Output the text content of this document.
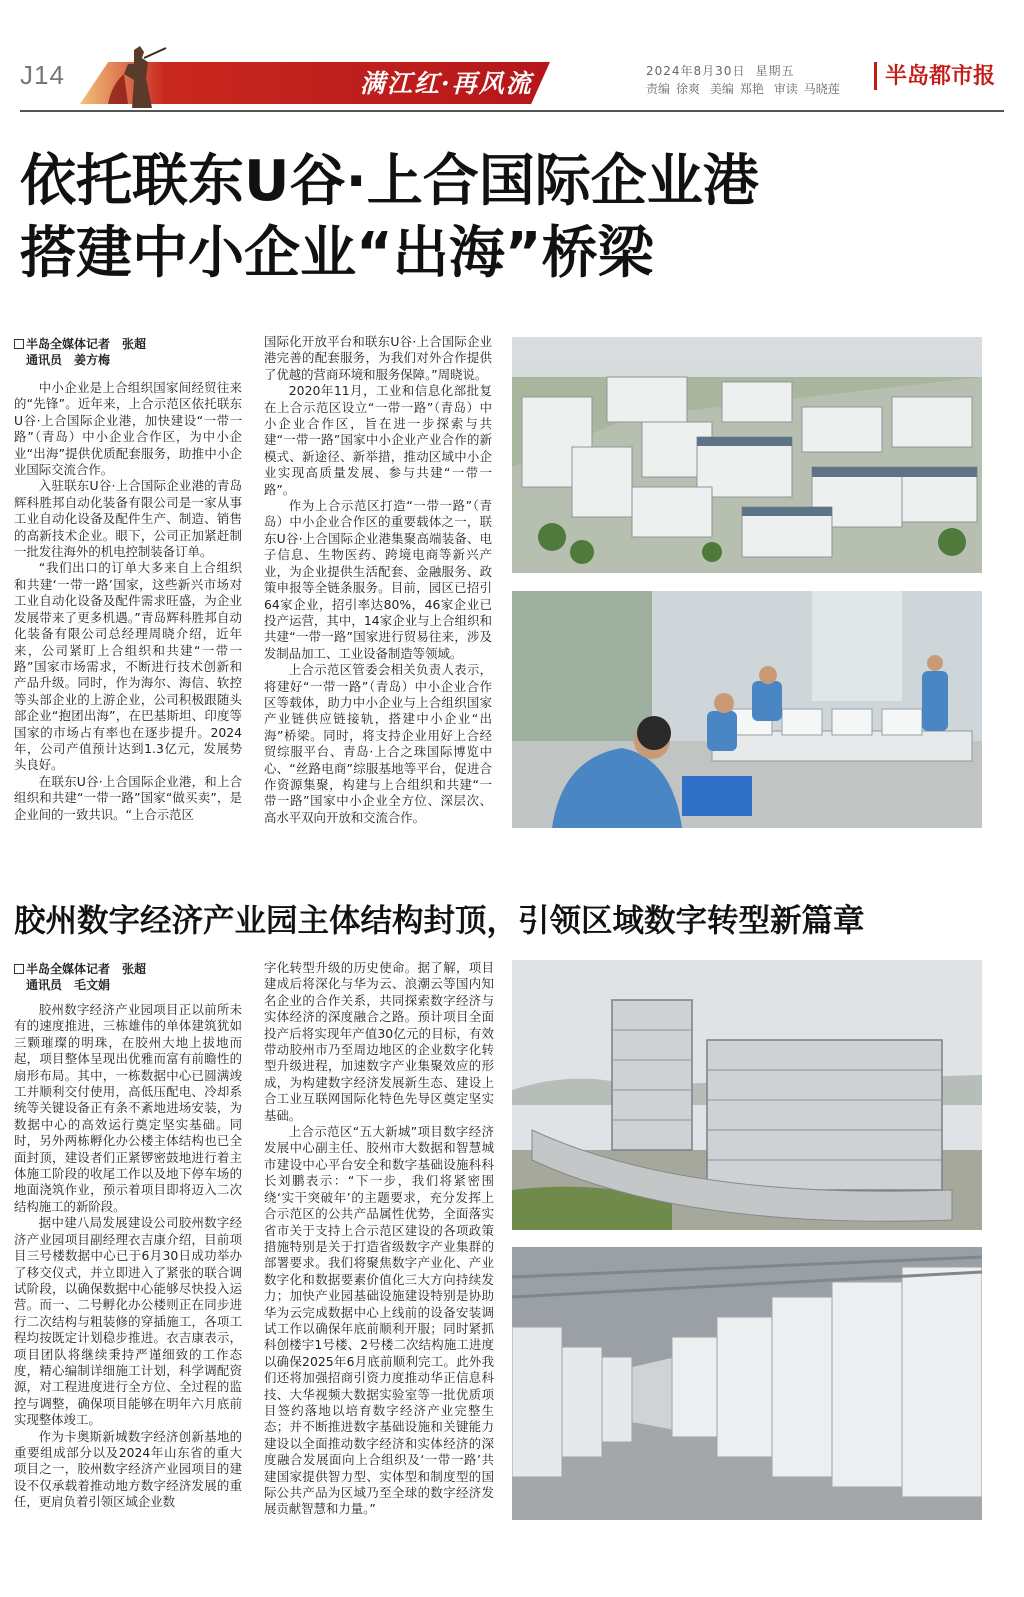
J14	满江红·再风流	2024年8月30日 星期五
责编 徐爽 美编 郑艳 审读 马晓莲	半岛都市报
依托联东U谷·上合国际企业港
搭建中小企业“出海”桥梁
半岛全媒体记者　张超
通讯员　姜方梅

中小企业是上合组织国家间经贸往来的“先锋”。近年来，上合示范区依托联东U谷·上合国际企业港，加快建设“一带一路”（青岛）中小企业合作区，为中小企业“出海”提供优质配套服务，助推中小企业国际交流合作。

入驻联东U谷·上合国际企业港的青岛辉科胜邦自动化装备有限公司是一家从事工业自动化设备及配件生产、制造、销售的高新技术企业。眼下，公司正加紧赶制一批发往海外的机电控制装备订单。

“我们出口的订单大多来自上合组织和共建‘一带一路’国家，这些新兴市场对工业自动化设备及配件需求旺盛，为企业发展带来了更多机遇。”青岛辉科胜邦自动化装备有限公司总经理周晓介绍，近年来，公司紧盯上合组织和共建“一带一路”国家市场需求，不断进行技术创新和产品升级。同时，作为海尔、海信、软控等头部企业的上游企业，公司积极跟随头部企业“抱团出海”，在巴基斯坦、印度等国家的市场占有率也在逐步提升。2024年，公司产值预计达到1.3亿元，发展势头良好。

在联东U谷·上合国际企业港，和上合组织和共建“一带一路”国家“做买卖”，是企业间的一致共识。“上合示范区

国际化开放平台和联东U谷·上合国际企业港完善的配套服务，为我们对外合作提供了优越的营商环境和服务保障。”周晓说。

2020年11月，工业和信息化部批复在上合示范区设立“一带一路”（青岛）中小企业合作区，旨在进一步探索与共建“一带一路”国家中小企业产业合作的新模式、新途径、新举措，推动区域中小企业实现高质量发展、参与共建“一带一路”。

作为上合示范区打造“一带一路”（青岛）中小企业合作区的重要载体之一，联东U谷·上合国际企业港集聚高端装备、电子信息、生物医药、跨境电商等新兴产业，为企业提供生活配套、金融服务、政策申报等全链条服务。目前，园区已招引64家企业，招引率达80%，46家企业已投产运营，其中，14家企业与上合组织和共建“一带一路”国家进行贸易往来，涉及发制品加工、工业设备制造等领域。

上合示范区管委会相关负责人表示，将建好“一带一路”（青岛）中小企业合作区等载体，助力中小企业与上合组织国家产业链供应链接轨，搭建中小企业“出海”桥梁。同时，将支持企业用好上合经贸综服平台、青岛·上合之珠国际博览中心、“丝路电商”综服基地等平台，促进合作资源集聚，构建与上合组织和共建“一带一路”国家中小企业全方位、深层次、高水平双向开放和交流合作。

胶州数字经济产业园主体结构封顶，引领区域数字转型新篇章
半岛全媒体记者　张超
通讯员　毛文娟

胶州数字经济产业园项目正以前所未有的速度推进，三栋雄伟的单体建筑犹如三颗璀璨的明珠，在胶州大地上拔地而起，项目整体呈现出优雅而富有前瞻性的扇形布局。其中，一栋数据中心已圆满竣工并顺利交付使用，高低压配电、冷却系统等关键设备正有条不紊地进场安装，为数据中心的高效运行奠定坚实基础。同时，另外两栋孵化办公楼主体结构也已全面封顶，建设者们正紧锣密鼓地进行着主体施工阶段的收尾工作以及地下停车场的地面浇筑作业，预示着项目即将迈入二次结构施工的新阶段。

据中建八局发展建设公司胶州数字经济产业园项目副经理衣吉康介绍，目前项目三号楼数据中心已于6月30日成功举办了移交仪式，并立即进入了紧张的联合调试阶段，以确保数据中心能够尽快投入运营。而一、二号孵化办公楼则正在同步进行二次结构与粗装修的穿插施工，各项工程均按既定计划稳步推进。衣吉康表示，项目团队将继续秉持严谨细致的工作态度，精心编制详细施工计划，科学调配资源，对工程进度进行全方位、全过程的监控与调整，确保项目能够在明年六月底前实现整体竣工。

作为卡奥斯新城数字经济创新基地的重要组成部分以及2024年山东省的重大项目之一，胶州数字经济产业园项目的建设不仅承载着推动地方数字经济发展的重任，更肩负着引领区域企业数

字化转型升级的历史使命。据了解，项目建成后将深化与华为云、浪潮云等国内知名企业的合作关系，共同探索数字经济与实体经济的深度融合之路。预计项目全面投产后将实现年产值30亿元的目标，有效带动胶州市乃至周边地区的企业数字化转型升级进程，加速数字产业集聚效应的形成，为构建数字经济发展新生态、建设上合工业互联网国际化特色先导区奠定坚实基础。

上合示范区“五大新城”项目数字经济发展中心副主任、胶州市大数据和智慧城市建设中心平台安全和数字基础设施科科长刘鹏表示：“下一步，我们将紧密围绕‘实干突破年’的主题要求，充分发挥上合示范区的公共产品属性优势，全面落实省市关于支持上合示范区建设的各项政策措施特别是关于打造省级数字产业集群的部署要求。我们将聚焦数字产业化、产业数字化和数据要素价值化三大方向持续发力；加快产业园基础设施建设特别是协助华为云完成数据中心上线前的设备安装调试工作以确保年底前顺利开服；同时紧抓科创楼宇1号楼、2号楼二次结构施工进度以确保2025年6月底前顺利完工。此外我们还将加强招商引资力度推动华正信息科技、大华视频大数据实验室等一批优质项目签约落地以培育数字经济产业完整生态；并不断推进数字基础设施和关键能力建设以全面推动数字经济和实体经济的深度融合发展面向上合组织及‘一带一路’共建国家提供智力型、实体型和制度型的国际公共产品为区域乃至全球的数字经济发展贡献智慧和力量。”
